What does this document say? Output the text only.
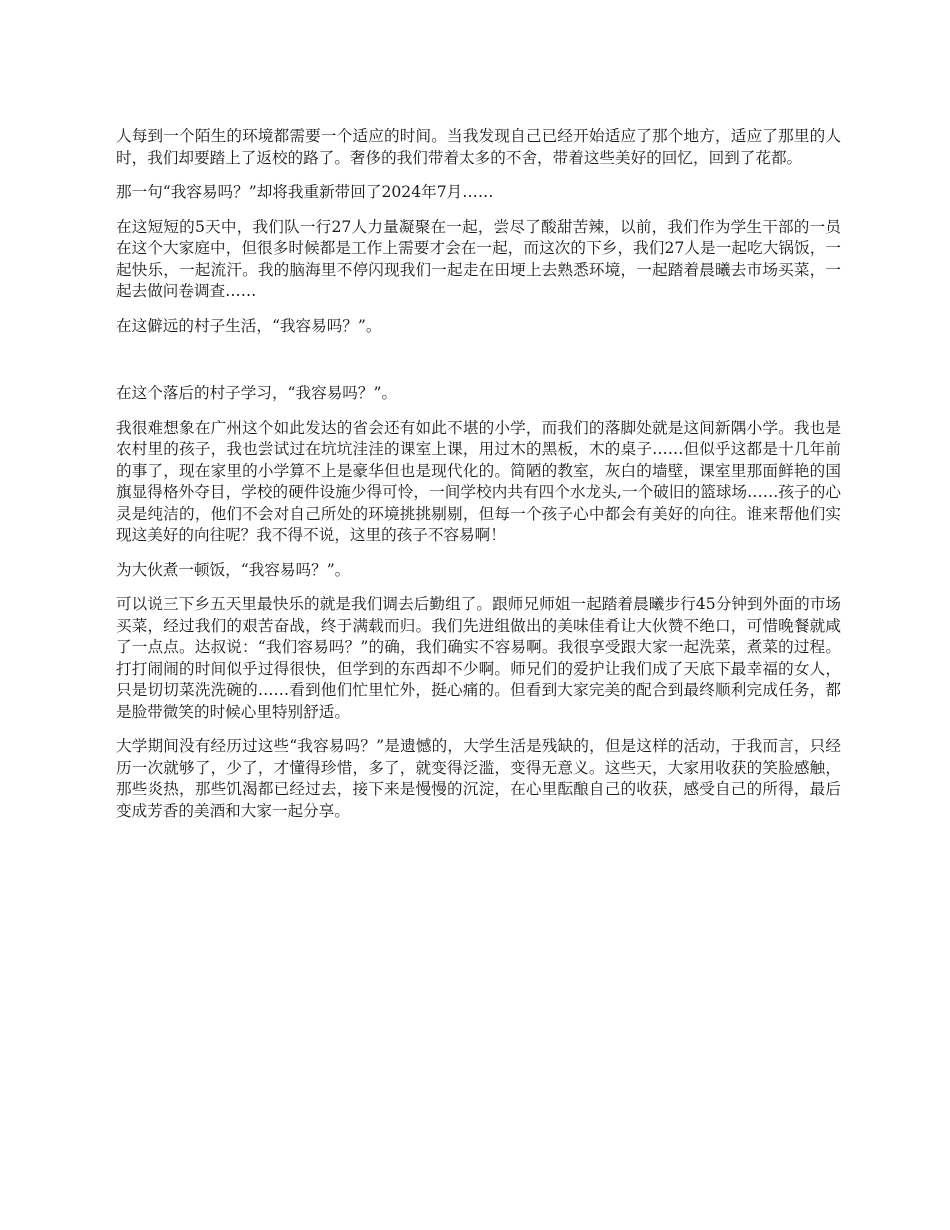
人每到一个陌生的环境都需要一个适应的时间。当我发现自己已经开始适应了那个地方，适应了那里的人时，我们却要踏上了返校的路了。奢侈的我们带着太多的不舍，带着这些美好的回忆，回到了花都。

那一句“我容易吗？”却将我重新带回了2024年7月……

在这短短的5天中，我们队一行27人力量凝聚在一起，尝尽了酸甜苦辣，以前，我们作为学生干部的一员在这个大家庭中，但很多时候都是工作上需要才会在一起，而这次的下乡，我们27人是一起吃大锅饭，一起快乐，一起流汗。我的脑海里不停闪现我们一起走在田埂上去熟悉环境，一起踏着晨曦去市场买菜，一起去做问卷调查……

在这僻远的村子生活，“我容易吗？”。

在这个落后的村子学习，“我容易吗？”。

我很难想象在广州这个如此发达的省会还有如此不堪的小学，而我们的落脚处就是这间新隅小学。我也是农村里的孩子，我也尝试过在坑坑洼洼的课室上课，用过木的黑板，木的桌子……但似乎这都是十几年前的事了，现在家里的小学算不上是豪华但也是现代化的。简陋的教室，灰白的墙壁，课室里那面鲜艳的国旗显得格外夺目，学校的硬件设施少得可怜，一间学校内共有四个水龙头,一个破旧的篮球场……孩子的心灵是纯洁的，他们不会对自己所处的环境挑挑剔剔，但每一个孩子心中都会有美好的向往。谁来帮他们实现这美好的向往呢？我不得不说，这里的孩子不容易啊！

为大伙煮一顿饭，“我容易吗？”。

可以说三下乡五天里最快乐的就是我们调去后勤组了。跟师兄师姐一起踏着晨曦步行45分钟到外面的市场买菜，经过我们的艰苦奋战，终于满载而归。我们先进组做出的美味佳肴让大伙赞不绝口，可惜晚餐就咸了一点点。达叔说：“我们容易吗？”的确，我们确实不容易啊。我很享受跟大家一起洗菜，煮菜的过程。打打闹闹的时间似乎过得很快，但学到的东西却不少啊。师兄们的爱护让我们成了天底下最幸福的女人，只是切切菜洗洗碗的……看到他们忙里忙外，挺心痛的。但看到大家完美的配合到最终顺利完成任务，都是脸带微笑的时候心里特别舒适。

大学期间没有经历过这些“我容易吗？”是遗憾的，大学生活是残缺的，但是这样的活动，于我而言，只经历一次就够了，少了，才懂得珍惜，多了，就变得泛滥，变得无意义。这些天，大家用收获的笑脸感触，那些炎热，那些饥渴都已经过去，接下来是慢慢的沉淀，在心里酝酿自己的收获，感受自己的所得，最后变成芳香的美酒和大家一起分享。
